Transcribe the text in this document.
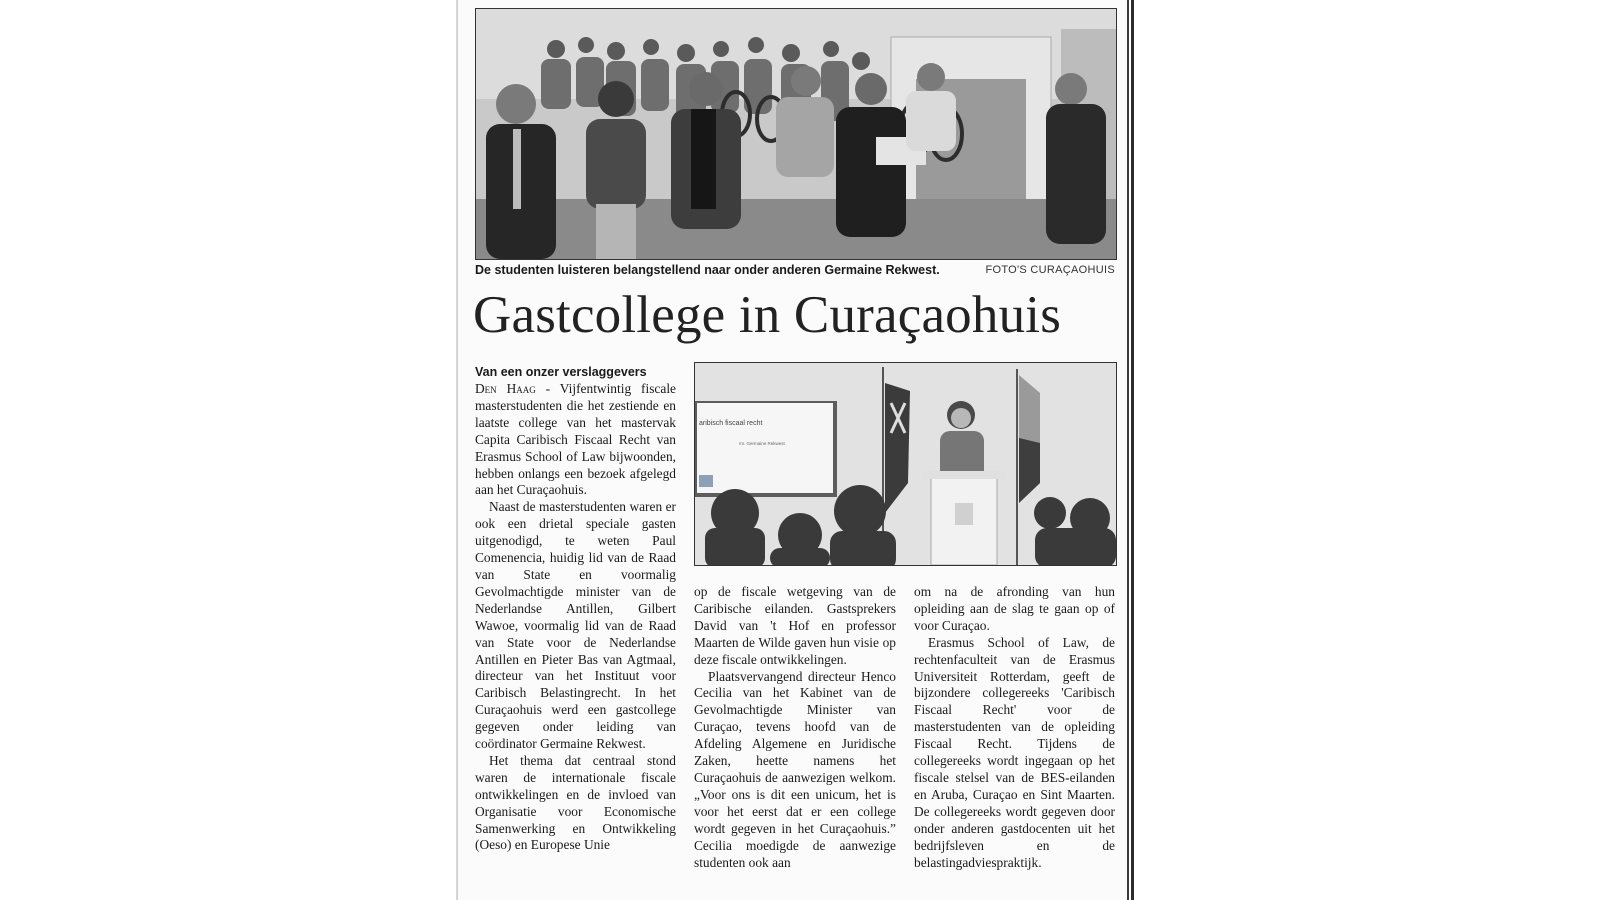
De studenten luisteren belangstellend naar onder anderen Germaine Rekwest.	FOTO'S CURAÇAOHUIS
Gastcollege in Curaçaohuis
Van een onzer verslaggevers
aribisch fiscaal recht
mr. Germaine Rekwest

Den Haag - Vijfentwintig fiscale masterstudenten die het zestiende en laatste college van het mastervak Capita Caribisch Fiscaal Recht van Erasmus School of Law bijwoonden, hebben onlangs een bezoek afgelegd aan het Curaçaohuis.

Naast de masterstudenten waren er ook een drietal speciale gasten uitgenodigd, te weten Paul Comenencia, huidig lid van de Raad van State en voormalig Gevolmachtigde minister van de Nederlandse Antillen, Gilbert Wawoe, voormalig lid van de Raad van State voor de Nederlandse Antillen en Pieter Bas van Agtmaal, directeur van het Instituut voor Caribisch Belastingrecht. In het Curaçaohuis werd een gastcollege gegeven onder leiding van coördinator Germaine Rekwest.

Het thema dat centraal stond waren de internationale fiscale ontwikkelingen en de invloed van Organisatie voor Economische Samenwerking en Ontwikkeling (Oeso) en Europese Unie

op de fiscale wetgeving van de Caribische eilanden. Gastsprekers David van 't Hof en professor Maarten de Wilde gaven hun visie op deze fiscale ontwikkelingen.

Plaatsvervangend directeur Henco Cecilia van het Kabinet van de Gevolmachtigde Minister van Curaçao, tevens hoofd van de Afdeling Algemene en Juridische Zaken, heette namens het Curaçaohuis de aanwezigen welkom. „Voor ons is dit een unicum, het is voor het eerst dat er een college wordt gegeven in het Curaçaohuis.” Cecilia moedigde de aanwezige studenten ook aan

om na de afronding van hun opleiding aan de slag te gaan op of voor Curaçao.

Erasmus School of Law, de rechtenfaculteit van de Erasmus Universiteit Rotterdam, geeft de bijzondere collegereeks 'Caribisch Fiscaal Recht' voor de masterstudenten van de opleiding Fiscaal Recht. Tijdens de collegereeks wordt ingegaan op het fiscale stelsel van de BES-eilanden en Aruba, Curaçao en Sint Maarten. De collegereeks wordt gegeven door onder anderen gastdocenten uit het bedrijfsleven en de belastingadviespraktijk.
